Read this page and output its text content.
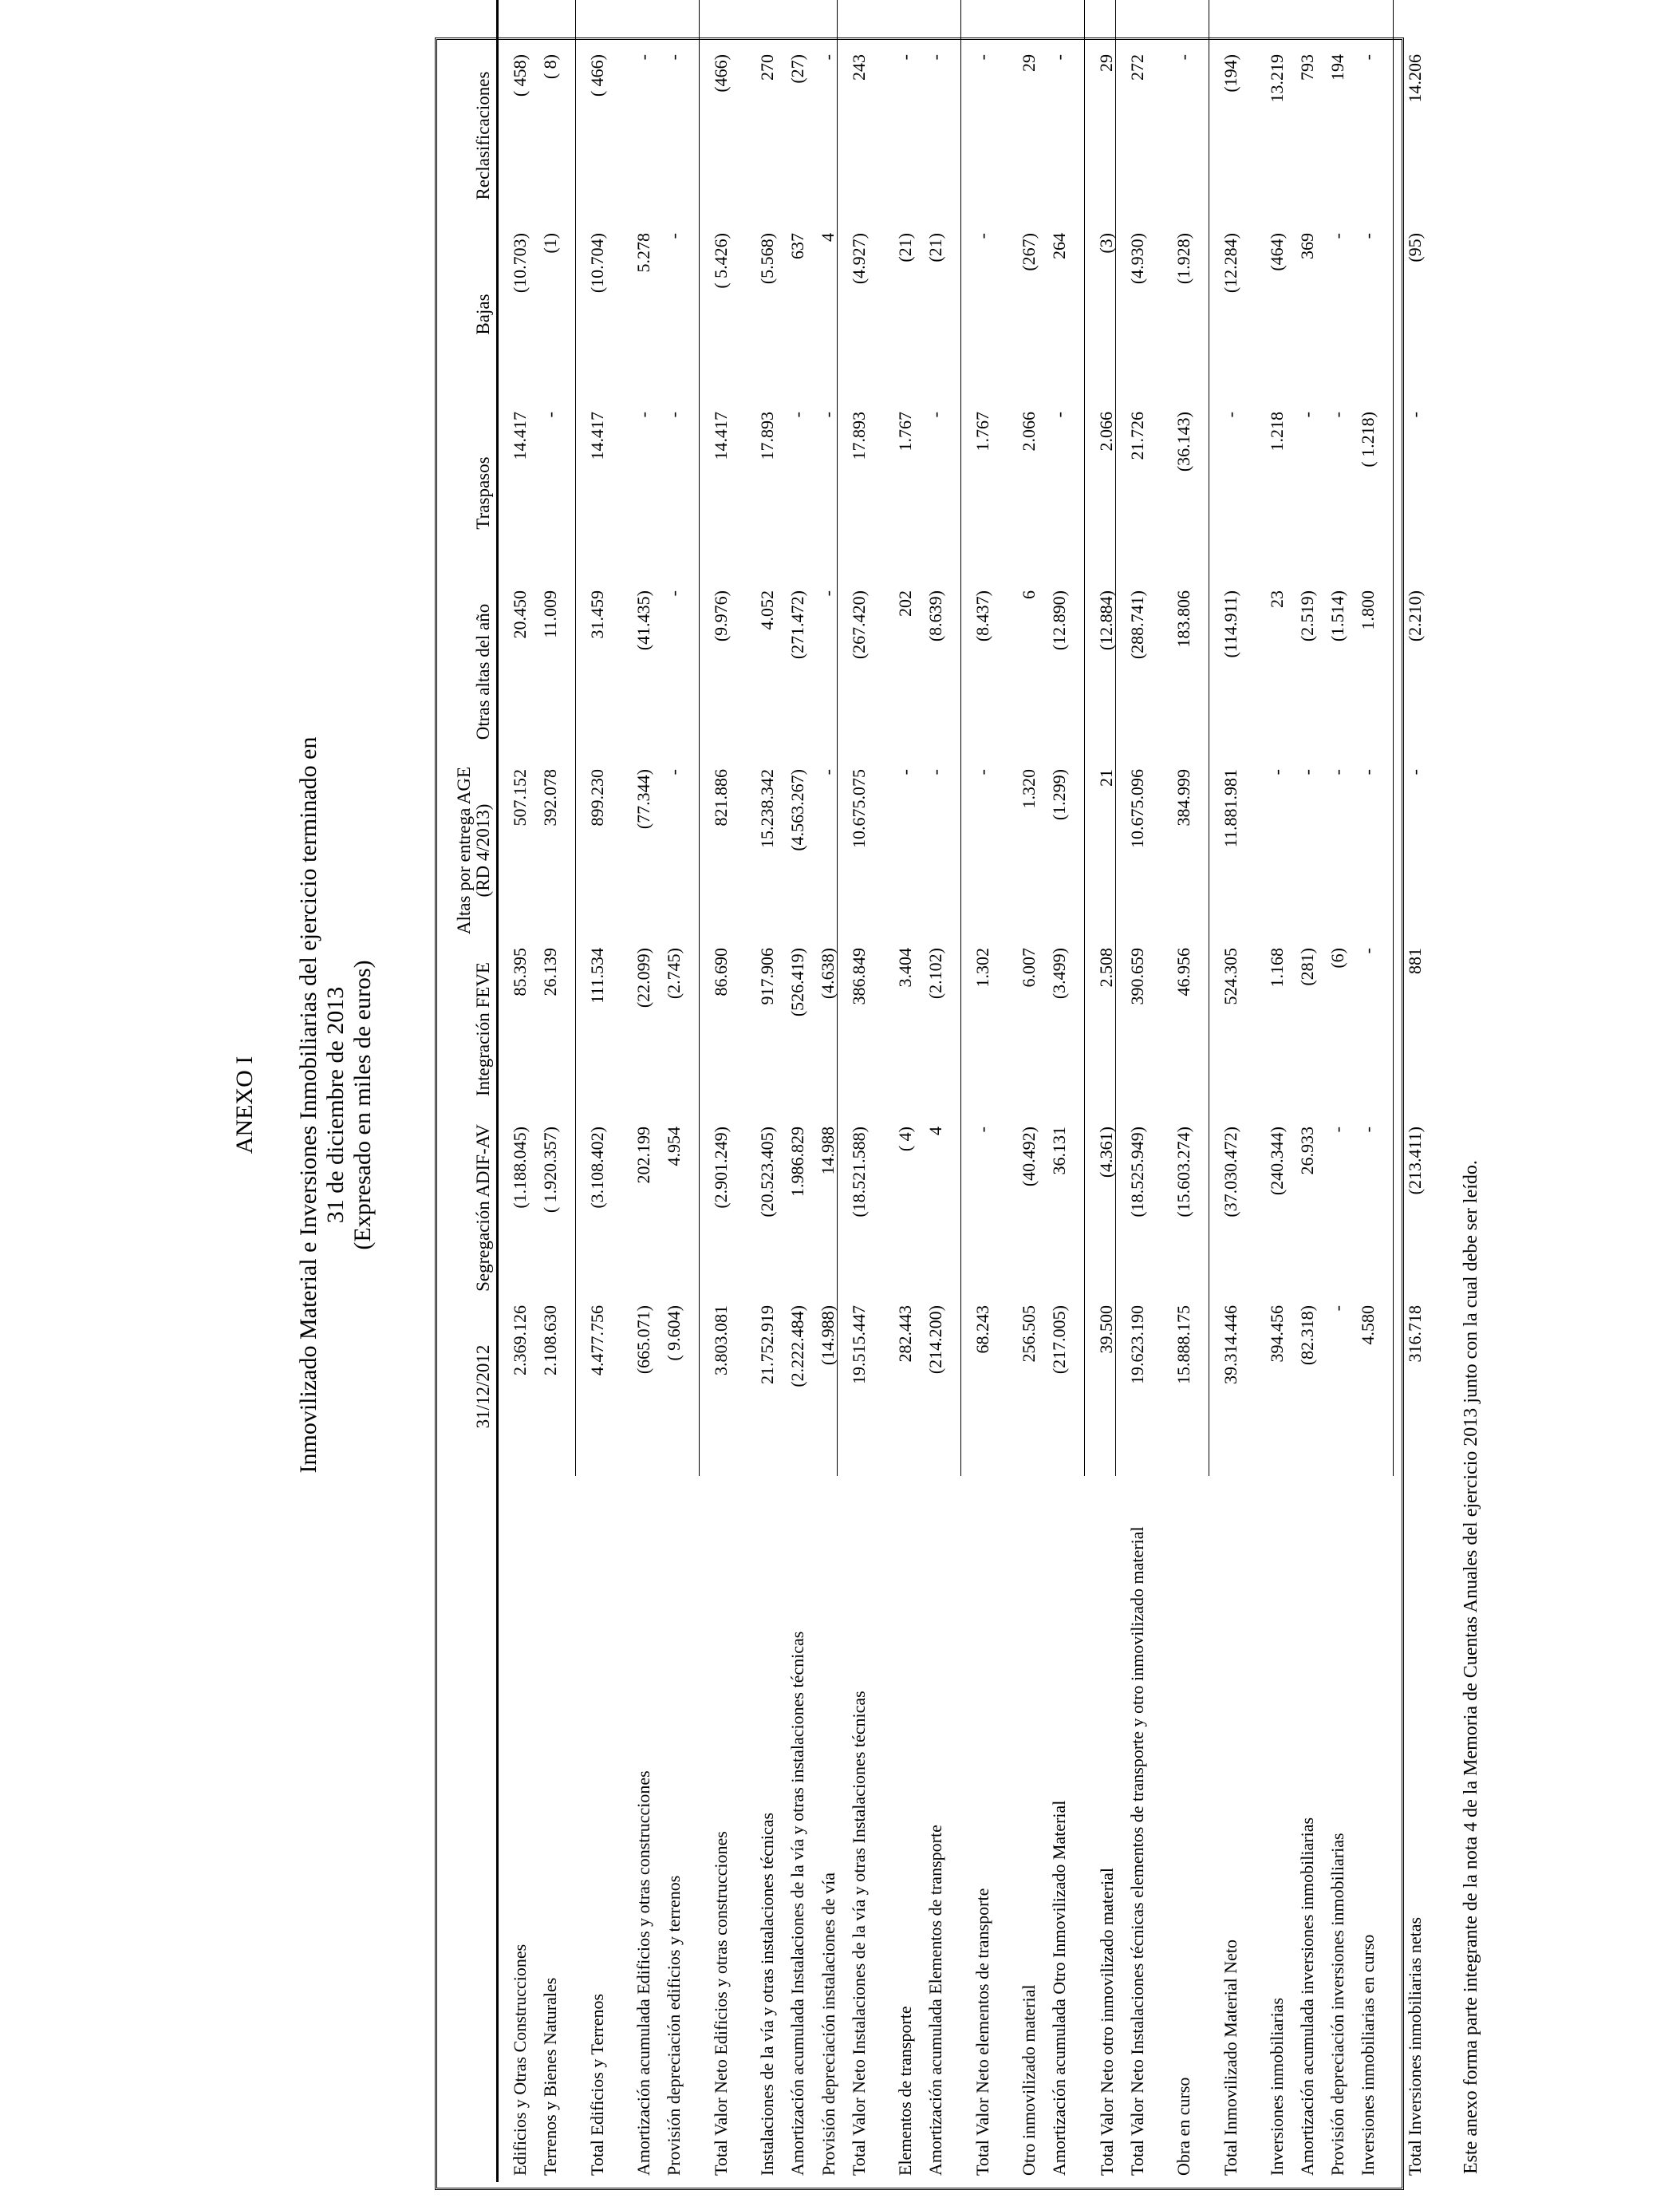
ANEXO I Inmovilizado Material e Inversiones Inmobiliarias del ejercicio terminado en 31 de diciembre de 2013 (Expresado en miles de euros)
	31/12/2012	Segregación ADIF-AV	Integración FEVE	Altas por entrega AGE (RD 4/2013)	Otras altas del año	Traspasos	Bajas	Reclasificaciones	
Edificios y Otras Construcciones	2.369.126	(1.188.045)	85.395	507.152	20.450	14.417	(10.703)	( 458)	
Terrenos y Bienes Naturales	2.108.630	( 1.920.357)	26.139	392.078	11.009	-	(1)	( 8)	

Total Edificios y Terrenos	4.477.756	(3.108.402)	111.534	899.230	31.459	14.417	(10.704)	( 466)	

Amortización acumulada Edificios y otras construcciones	(665.071)	202.199	(22.099)	(77.344)	(41.435)	-	5.278	-	
Provisión depreciación edificios y terrenos	( 9.604)	4.954	(2.745)	-	-	-	-	-	

Total Valor Neto Edificios y otras construcciones	3.803.081	(2.901.249)	86.690	821.886	(9.976)	14.417	( 5.426)	(466)	

Instalaciones de la vía y otras instalaciones técnicas	21.752.919	(20.523.405)	917.906	15.238.342	4.052	17.893	(5.568)	270	
Amortización acumulada Instalaciones de la vía y otras instalaciones técnicas	(2.222.484)	1.986.829	(526.419)	(4.563.267)	(271.472)	-	637	(27)	
Provisión depreciación instalaciones de vía	(14.988)	14.988	(4.638)	-	-	-	4	-	
Total Valor Neto Instalaciones de la vía y otras Instalaciones técnicas	19.515.447	(18.521.588)	386.849	10.675.075	(267.420)	17.893	(4.927)	243	

Elementos de transporte	282.443	( 4)	3.404	-	202	1.767	(21)	-	
Amortización acumulada Elementos de transporte	(214.200)	4	(2.102)	-	(8.639)	-	(21)	-	

Total Valor Neto elementos de transporte	68.243	-	1.302	-	(8.437)	1.767	-	-	

Otro inmovilizado material	256.505	(40.492)	6.007	1.320	6	2.066	(267)	29	
Amortización acumulada Otro Inmovilizado Material	(217.005)	36.131	(3.499)	(1.299)	(12.890)	-	264	-	

Total Valor Neto otro inmovilizado material	39.500	(4.361)	2.508	21	(12.884)	2.066	(3)	29	
Total Valor Neto Instalaciones técnicas elementos de transporte y otro inmovilizado material	19.623.190	(18.525.949)	390.659	10.675.096	(288.741)	21.726	(4.930)	272	

Obra en curso	15.888.175	(15.603.274)	46.956	384.999	183.806	(36.143)	(1.928)	-	

Total Inmovilizado Material Neto	39.314.446	(37.030.472)	524.305	11.881.981	(114.911)	-	(12.284)	(194)	

Inversiones inmobiliarias	394.456	(240.344)	1.168	-	23	1.218	(464)	13.219	
Amortización acumulada inversiones inmobiliarias	(82.318)	26.933	(281)	-	(2.519)	-	369	793	
Provisión depreciación inversiones inmobiliarias	-	-	(6)	-	(1.514)	-	-	194	
Inversiones inmobiliarias en curso	4.580	-	-	-	1.800	( 1.218)	-	-	

Total Inversiones inmobiliarias netas	316.718	(213.411)	881	-	(2.210)	-	(95)	14.206	
Este anexo forma parte integrante de la nota 4 de la Memoria de Cuentas Anuales del ejercicio 2013 junto con la cual debe ser leído.
